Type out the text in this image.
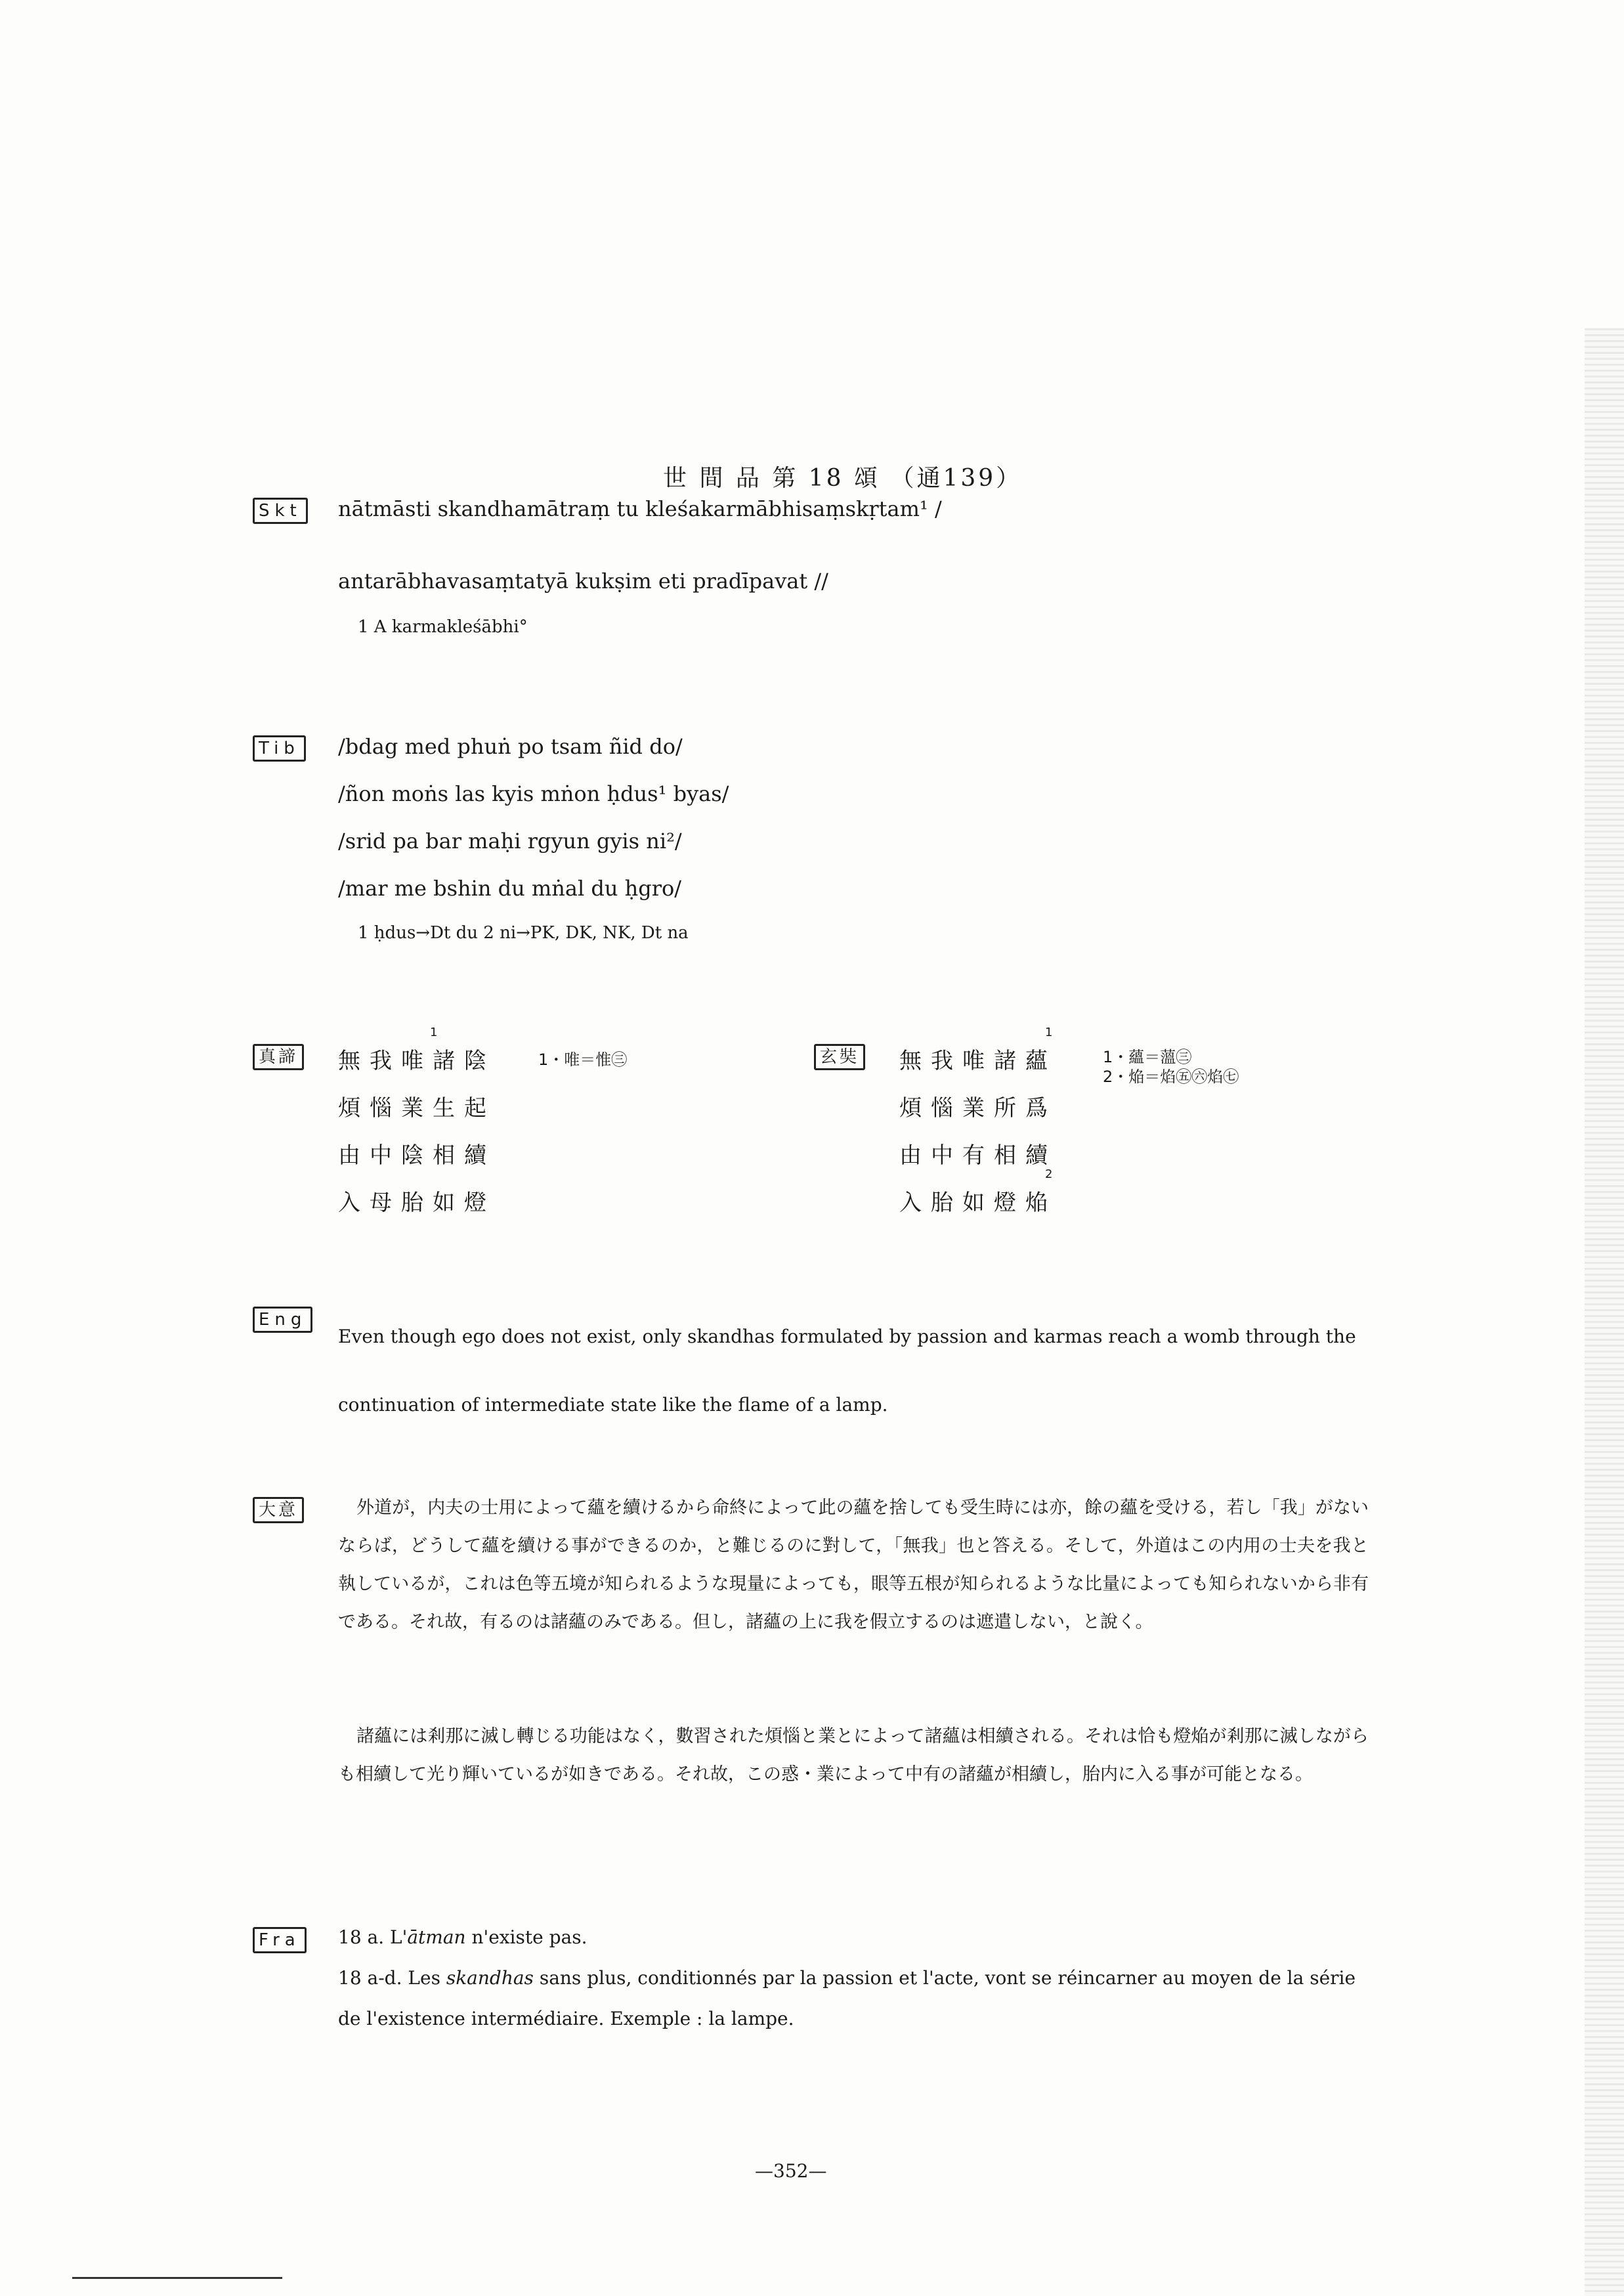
世 間 品 第 18 頌 （通139）
Skt nātmāsti skandhamātraṃ tu kleśakarmābhisaṃskṛtam¹ /
antarābhavasaṃtatyā kukṣim eti pradīpavat //
1 A karmakleśābhi°
Tib /bdag med phuṅ po tsam ñid do/
/ñon moṅs las kyis mṅon ḥdus¹ byas/
/srid pa bar maḥi rgyun gyis ni²/
/mar me bshin du mṅal du ḥgro/
1 ḥdus→Dt du 2 ni→PK, DK, NK, Dt na
真諦 無我唯諸陰
1
煩惱業生起
由中陰相續
入母胎如燈
1・唯＝惟㊂	玄奘 無我唯諸蘊
1
煩惱業所爲
由中有相續
入胎如燈焔
2
1・蘊＝薀㊂
2・焔＝焰㊄㊅焰㊆
Eng
Even though ego does not exist, only skandhas formulated by passion and karmas reach a womb through the continuation of intermediate state like the flame of a lamp.
大意	外道が，内夫の士用によって蘊を續けるから命終によって此の蘊を捨しても受生時には亦，餘の蘊を受ける，若し「我」がないならば，どうして蘊を續ける事ができるのか，と難じるのに對して，「無我」也と答える。そして，外道はこの内用の士夫を我と執しているが，これは色等五境が知られるような現量によっても，眼等五根が知られるような比量によっても知られないから非有である。それ故，有るのは諸蘊のみである。但し，諸蘊の上に我を假立するのは遮遣しない，と說く。
諸蘊には剎那に滅し轉じる功能はなく，數習された煩惱と業とによって諸蘊は相續される。それは恰も燈焔が剎那に滅しながらも相續して光り輝いているが如きである。それ故，この惑・業によって中有の諸蘊が相續し，胎内に入る事が可能となる。
Fra	18 a. L'ātman n'existe pas.
18 a-d. Les skandhas sans plus, conditionnés par la passion et l'acte, vont se réincarner au moyen de la série
de l'existence intermédiaire. Exemple : la lampe.
—352—
